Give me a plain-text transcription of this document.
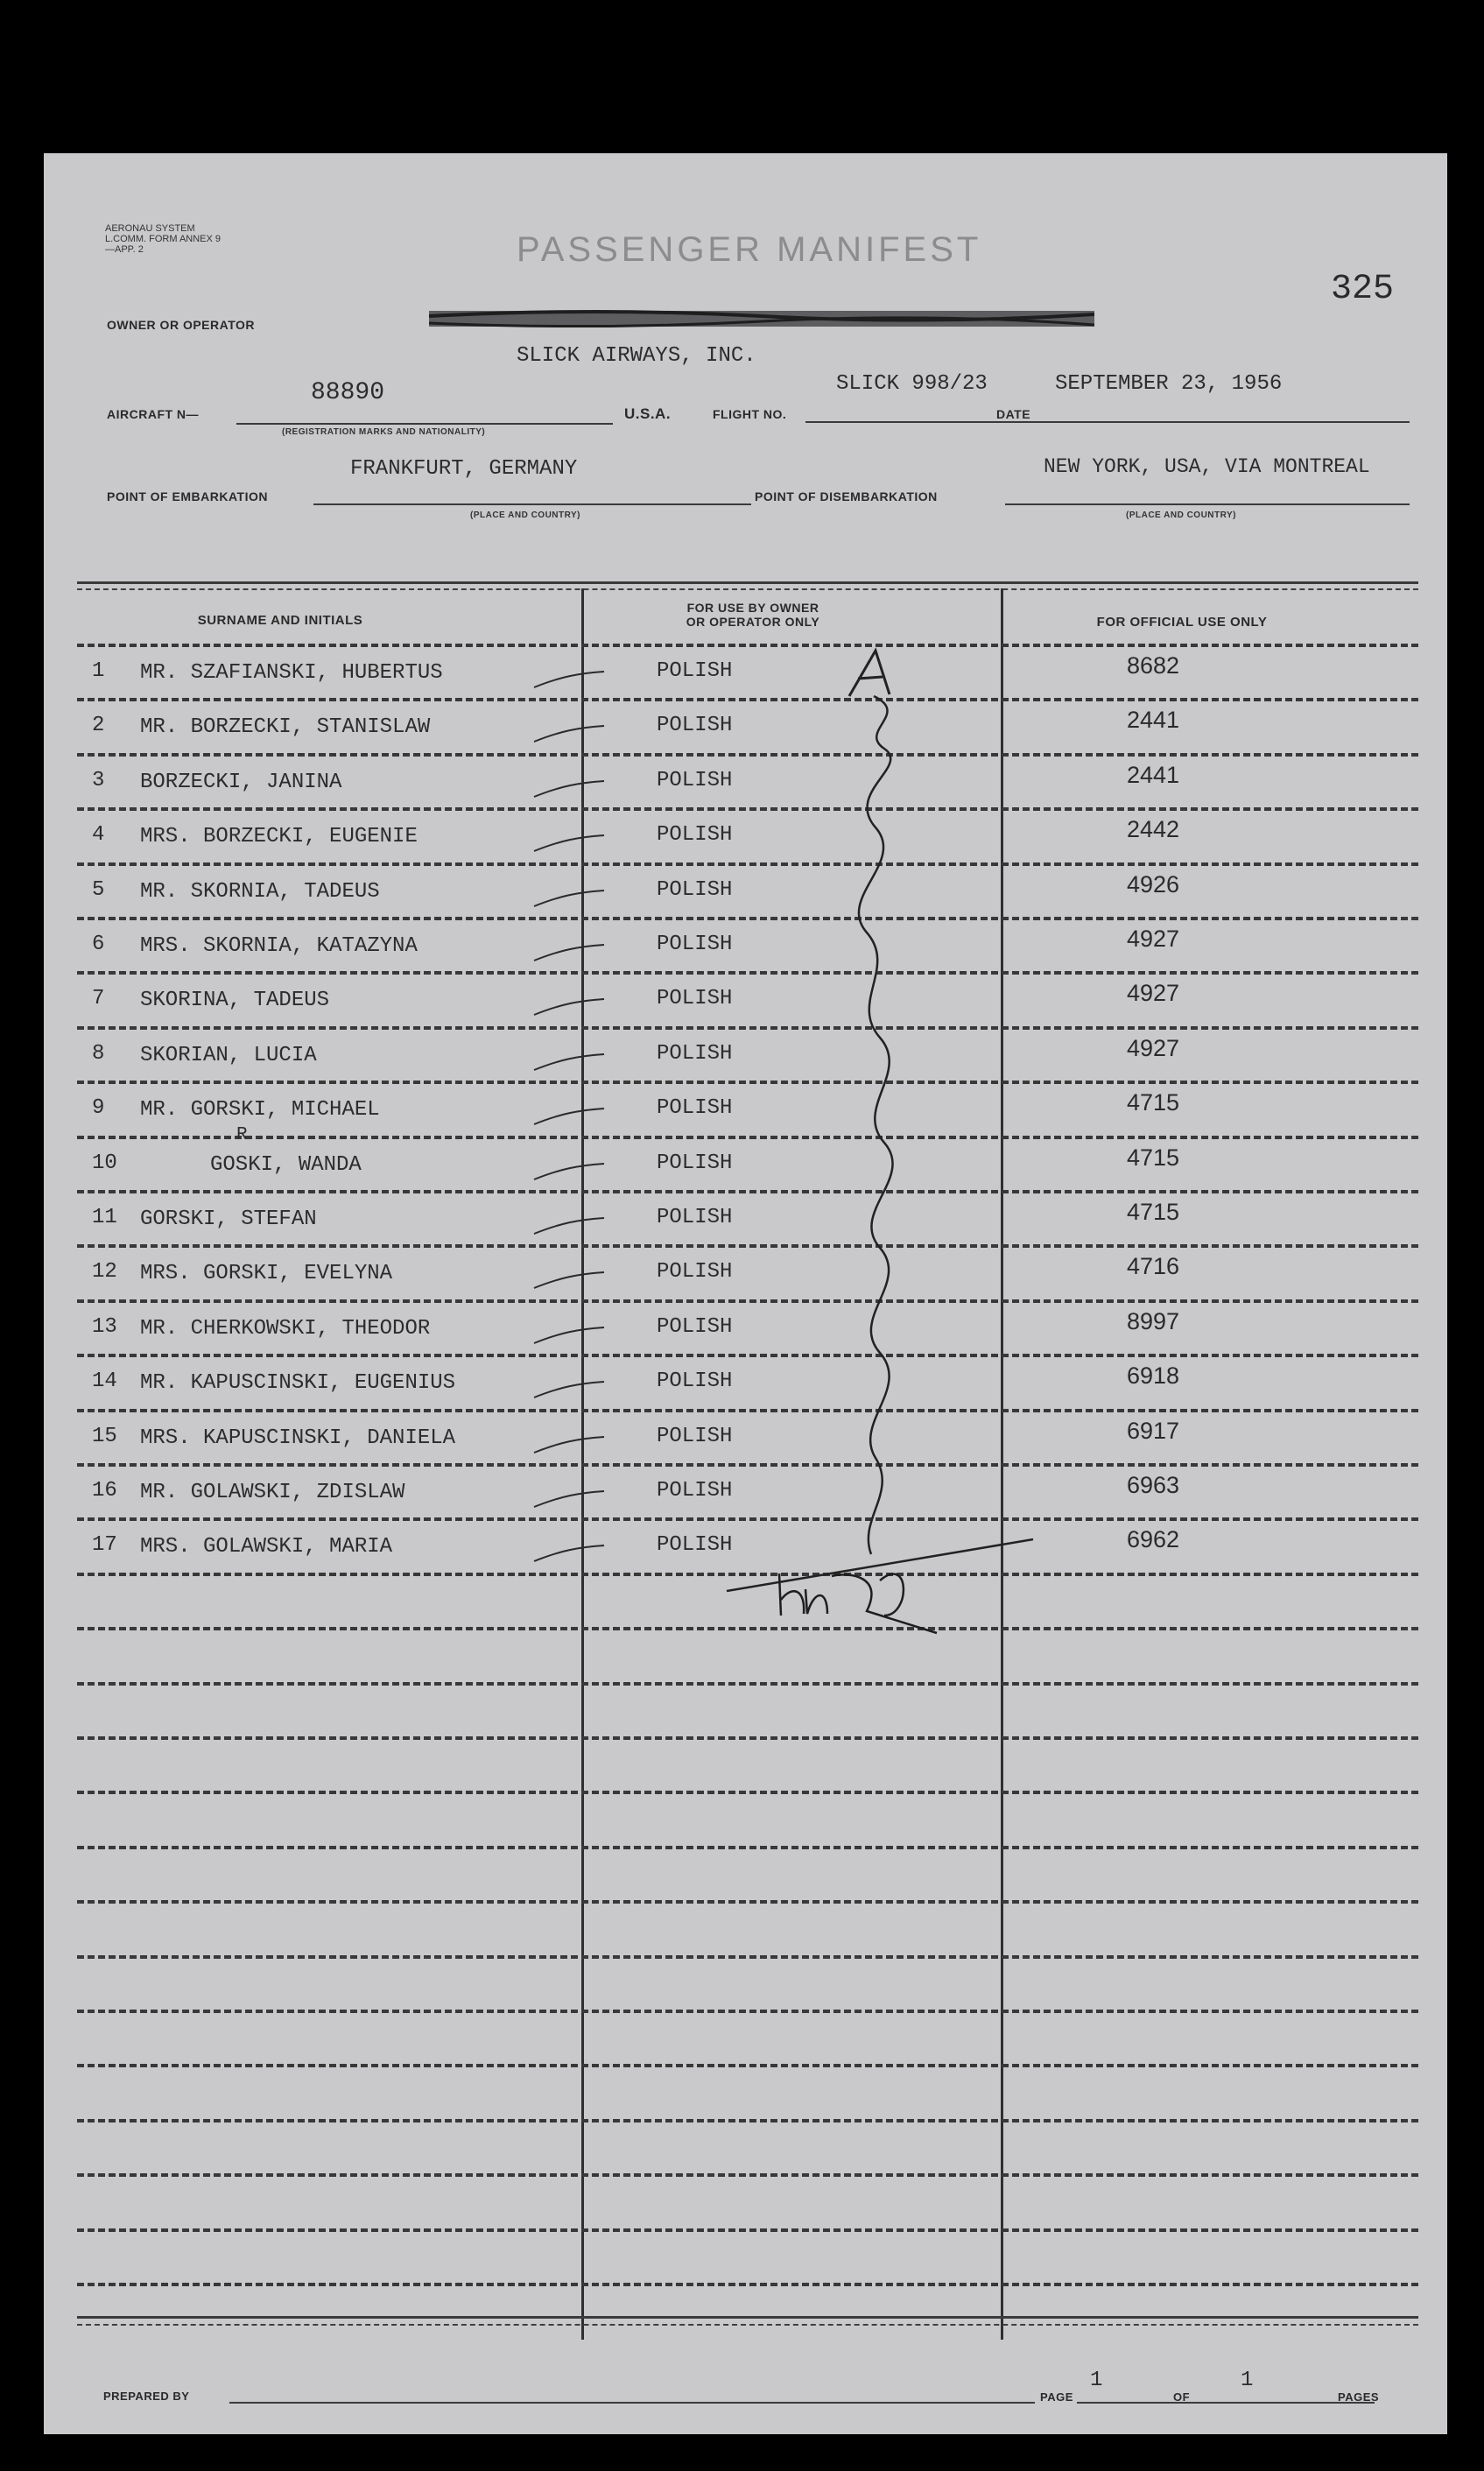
AERONAU SYSTEM L.COMM. FORM ANNEX 9—APP. 2	PASSENGER MANIFEST
325
OWNER OR OPERATOR
SLICK AIRWAYS, INC.
AIRCRAFT N—
88890
(REGISTRATION MARKS AND NATIONALITY)
U.S.A.	FLIGHT NO.
SLICK 998/23
DATE
SEPTEMBER 23, 1956
FRANKFURT, GERMANY
POINT OF EMBARKATION
(PLACE AND COUNTRY)
POINT OF DISEMBARKATION
NEW YORK, USA, VIA MONTREAL
(PLACE AND COUNTRY)
SURNAME AND INITIALS
FOR USE BY OWNER
OR OPERATOR ONLY	FOR OFFICIAL USE ONLY
1 MR. SZAFIANSKI, HUBERTUS	POLISH	8682
2 MR. BORZECKI, STANISLAW	POLISH	2441
3 BORZECKI, JANINA	POLISH	2441
4 MRS. BORZECKI, EUGENIE	POLISH	2442
5 MR. SKORNIA, TADEUS	POLISH	4926
6 MRS. SKORNIA, KATAZYNA	POLISH	4927
7 SKORINA, TADEUS	POLISH	4927
8 SKORIAN, LUCIA	POLISH	4927
9 MR. GORSKI, MICHAEL	POLISH	4715
10	GOSKI, WANDA	POLISH	4715
11 GORSKI, STEFAN	POLISH	4715
12 MRS. GORSKI, EVELYNA	POLISH	4716
13 MR. CHERKOWSKI, THEODOR	POLISH	8997
14 MR. KAPUSCINSKI, EUGENIUS	POLISH	6918
15 MRS. KAPUSCINSKI, DANIELA	POLISH	6917
16 MR. GOLAWSKI, ZDISLAW	POLISH	6963
17 MRS. GOLAWSKI, MARIA	POLISH	6962
R
PREPARED BY	PAGE
1
OF
1
PAGES
